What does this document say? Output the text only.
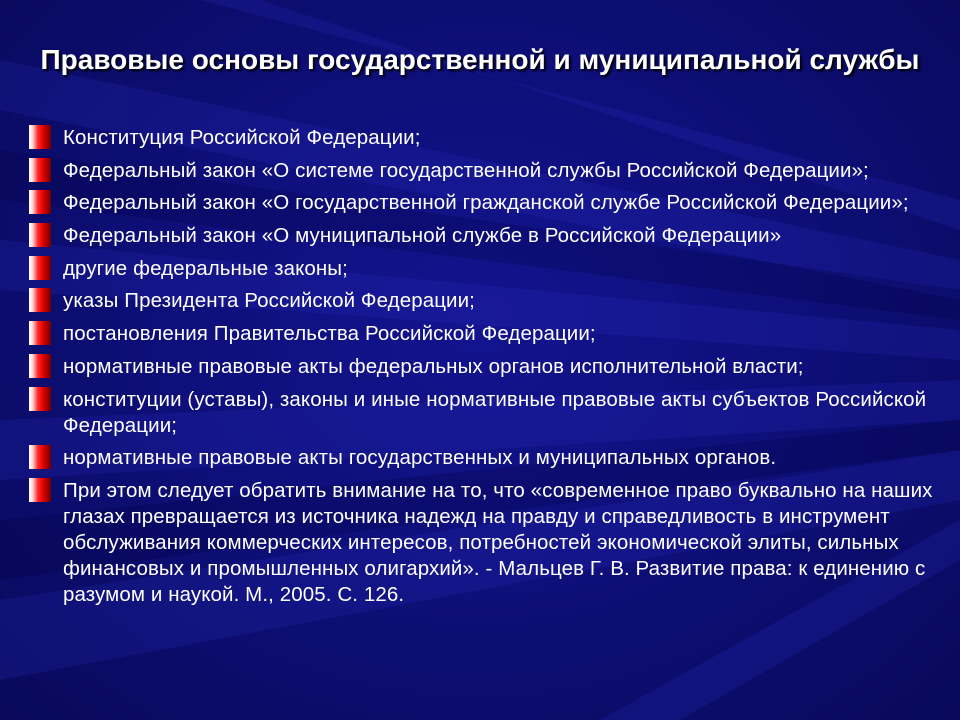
Правовые основы государственной и муниципальной службы
Конституция Российской Федерации;
Федеральный закон «О системе государственной службы Российской Федерации»;
Федеральный закон «О государственной гражданской службе Российской Федерации»;
Федеральный закон «О муниципальной службе в Российской Федерации»
другие федеральные законы;
указы Президента Российской Федерации;
постановления Правительства Российской Федерации;
нормативные правовые акты федеральных органов исполнительной власти;
конституции (уставы), законы и иные нормативные правовые акты субъектов Российской Федерации;
нормативные правовые акты государственных и муниципальных органов.
При этом следует обратить внимание на то, что «современное право буквально на наших глазах превращается из источника надежд на правду и справедливость в инструмент обслуживания коммерческих интересов, потребностей экономической элиты, сильных финансовых и промышленных олигархий». - Мальцев Г. В. Развитие права: к единению с разумом и наукой. М., 2005. С. 126.
